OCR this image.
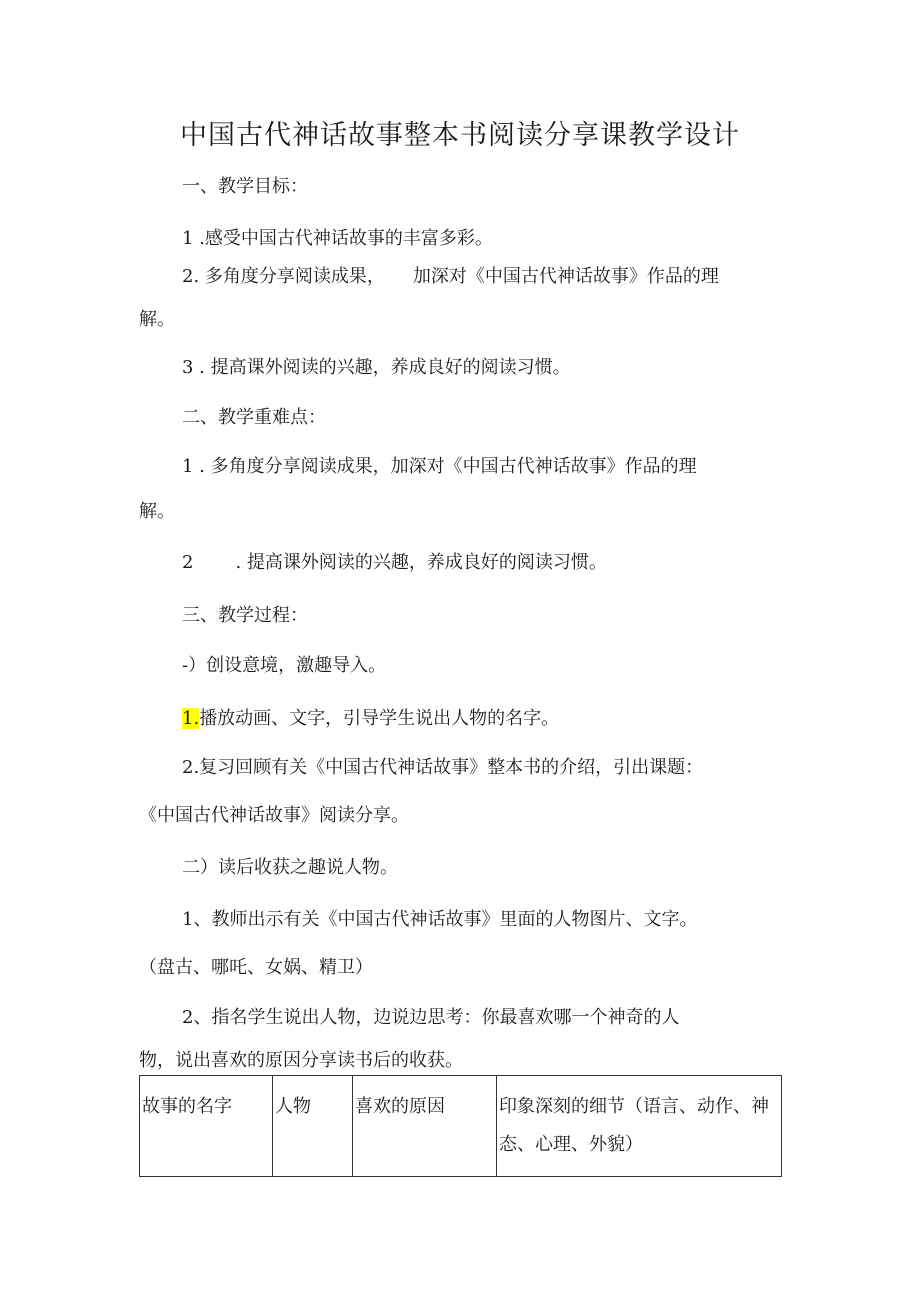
中国古代神话故事整本书阅读分享课教学设计
一、教学目标：
1 .感受中国古代神话故事的丰富多彩。
2. 多角度分享阅读成果， 加深对《中国古代神话故事》作品的理
解。
3 . 提高课外阅读的兴趣，养成良好的阅读习惯。
二、教学重难点：
1 . 多角度分享阅读成果，加深对《中国古代神话故事》作品的理
解。
2 . 提高课外阅读的兴趣，养成良好的阅读习惯。
三、教学过程：
-）创设意境，激趣导入。
1.播放动画、文字，引导学生说出人物的名字。
2.复习回顾有关《中国古代神话故事》整本书的介绍，引出课题：
《中国古代神话故事》阅读分享。
二）读后收获之趣说人物。
1、教师出示有关《中国古代神话故事》里面的人物图片、文字。
（盘古、哪吒、女娲、精卫）
2、指名学生说出人物，边说边思考：你最喜欢哪一个神奇的人
物，说出喜欢的原因分享读书后的收获。
故事的名字	人物	喜欢的原因	印象深刻的细节（语言、动作、神态、心理、外貌）
